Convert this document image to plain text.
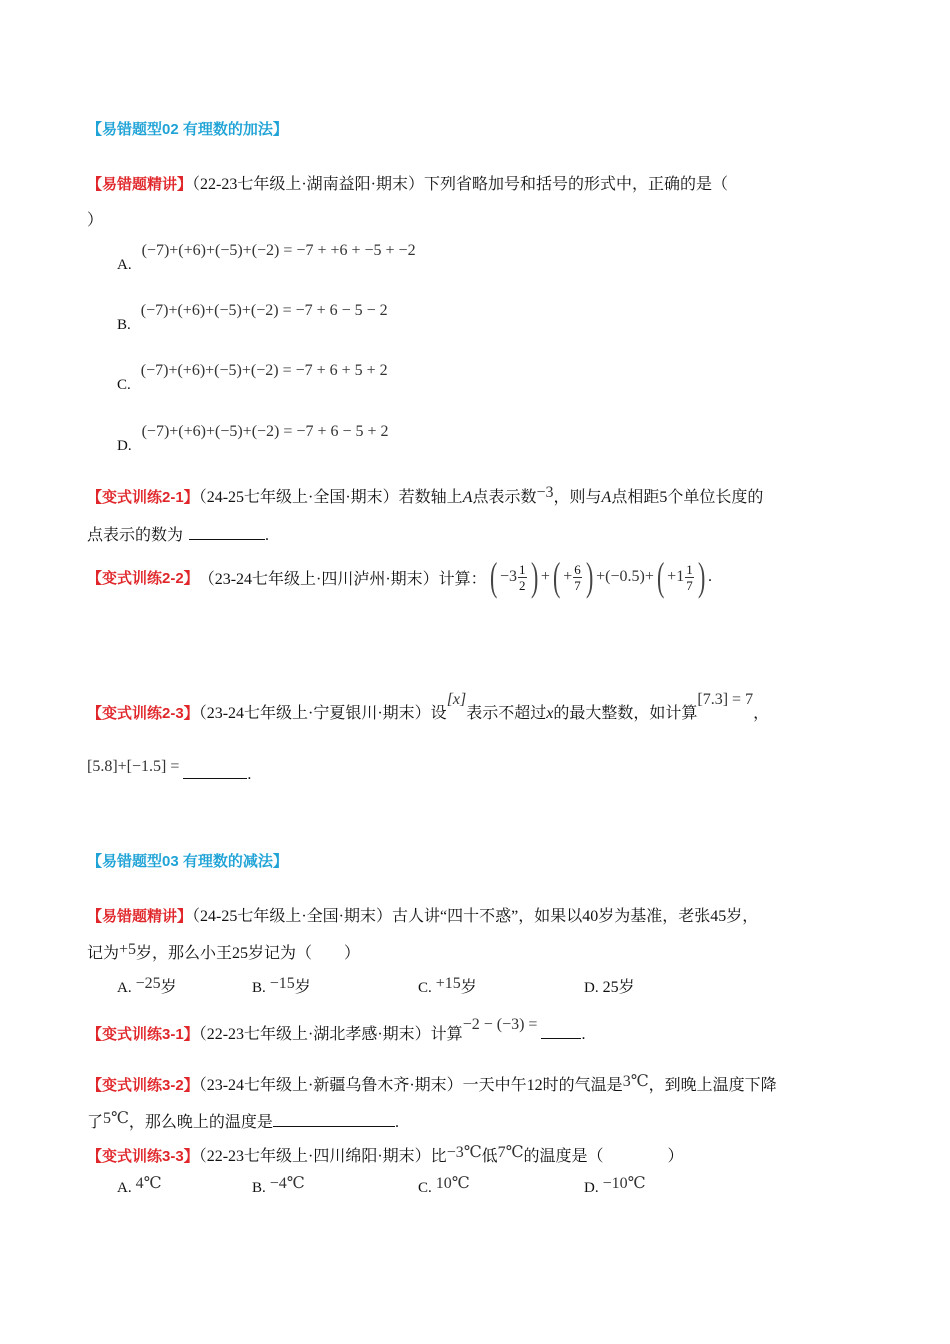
【易错题型02 有理数的加法】
【易错题精讲】（22-23七年级上·湖南益阳·期末）下列省略加号和括号的形式中，正确的是（
）
A. (−7)+(+6)+(−5)+(−2) = −7 + +6 + −5 + −2
B. (−7)+(+6)+(−5)+(−2) = −7 + 6 − 5 − 2
C. (−7)+(+6)+(−5)+(−2) = −7 + 6 + 5 + 2
D. (−7)+(+6)+(−5)+(−2) = −7 + 6 − 5 + 2
【变式训练2-1】（24-25七年级上·全国·期末）若数轴上A点表示数−3，则与A点相距5个单位长度的
点表示的数为	.
【变式训练2-2】 （23-24七年级上·四川泸州·期末）计算： ( $-3 \frac{1}{2}$ ) + ( + $\frac{6}{7}$ ) + (−0.5) + ( $+1 \frac{1}{7}$ ) .
【变式训练2-3】（23-24七年级上·宁夏银川·期末）设[x]表示不超过x的最大整数，如计算[7.3] = 7，
[5.8]+[−1.5] =	.
【易错题型03 有理数的减法】
【易错题精讲】（24-25七年级上·全国·期末）古人讲“四十不惑”，如果以40岁为基准，老张45岁，
记为+5岁，那么小王25岁记为（　　）
A. −25岁	B. −15岁	C. +15岁	D. 25岁
【变式训练3-1】（22-23七年级上·湖北孝感·期末）计算−2 − (−3) =.
【变式训练3-2】（23-24七年级上·新疆乌鲁木齐·期末）一天中午12时的气温是3℃，到晚上温度下降
了5℃，那么晚上的温度是	.
【变式训练3-3】（22-23七年级上·四川绵阳·期末）比−3℃低7℃的温度是（　　　　）
A. 4℃	B. −4℃	C. 10℃	D. −10℃
